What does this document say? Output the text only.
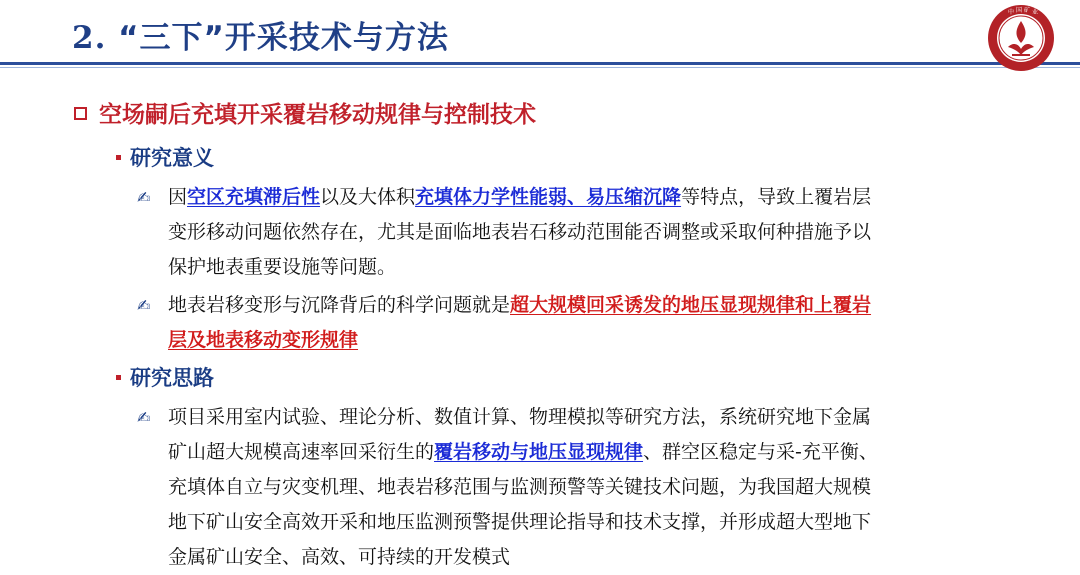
2. “三下”开采技术与方法
中 国 矿 业
空场嗣后充填开采覆岩移动规律与控制技术
研究意义
✍ 因空区充填滞后性以及大体积充填体力学性能弱、易压缩沉降等特点，导致上覆岩层
变形移动问题依然存在，尤其是面临地表岩石移动范围能否调整或采取何种措施予以
保护地表重要设施等问题。
✍ 地表岩移变形与沉降背后的科学问题就是超大规模回采诱发的地压显现规律和上覆岩
层及地表移动变形规律
研究思路
✍ 项目采用室内试验、理论分析、数值计算、物理模拟等研究方法，系统研究地下金属
矿山超大规模高速率回采衍生的覆岩移动与地压显现规律、群空区稳定与采-充平衡、
充填体自立与灾变机理、地表岩移范围与监测预警等关键技术问题，为我国超大规模
地下矿山安全高效开采和地压监测预警提供理论指导和技术支撑，并形成超大型地下
金属矿山安全、高效、可持续的开发模式
